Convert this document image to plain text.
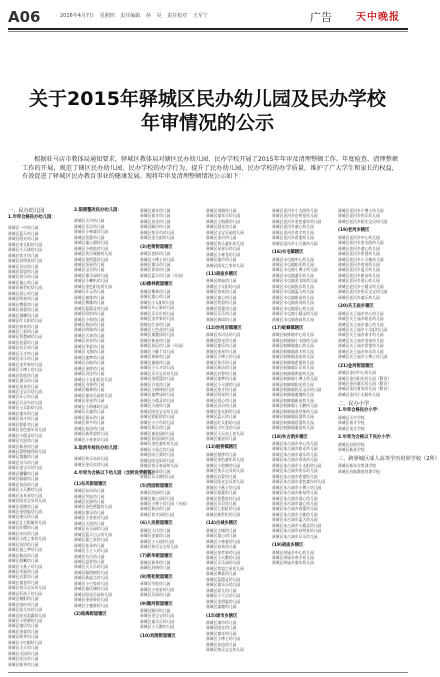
A06	2016年4月7日 星期四 责任编辑 孙 昊 责任校对 王军宁	广告 天中晚报
关于2015年驿城区民办幼儿园及民办学校
年审情况的公示
根据驻马店市教体局通知要求，驿城区教体局对辖区民办幼儿园、民办学校开展了2015年年审及清理整顿工作。年度检查、清理整顿工作的开展，规范了辖区民办幼儿园、民办学校的办学行为，提升了民办幼儿园、民办学校的办学质量，维护了广大学生和家长的权益，有效促进了驿城区民办教育事业的健康发展。现将年审及清理整顿情况公示如下：
一、民办幼儿园
1.年审合格民办幼儿园：
驿城区一中幼儿园
驿城区蓝天幼儿园
驿城区阳光幼儿园
驿城区金太阳幼儿园
驿城区小天使幼儿园
驿城区育才幼儿园
驿城区启明星幼儿园
驿城区贝贝幼儿园
驿城区希望幼儿园
驿城区快乐幼儿园
驿城区童心幼儿园
驿城区新世纪幼儿园
驿城区爱心幼儿园
驿城区明星幼儿园
驿城区博爱幼儿园
驿城区春蕾幼儿园
驿城区雏鹰幼儿园
驿城区红太阳幼儿园
驿城区育英幼儿园
驿城区七彩幼儿园
驿城区智慧树幼儿园
驿城区花蕾幼儿园
驿城区东方幼儿园
驿城区天才幼儿园
驿城区乐乐幼儿园
驿城区金苹果幼儿园
驿城区小博士幼儿园
驿城区欣欣幼儿园
驿城区童乐幼儿园
驿城区星星幼儿园
驿城区宝宝乐幼儿园
驿城区开心幼儿园
驿城区百灵鸟幼儿园
驿城区小太阳幼儿园
驿城区童年幼儿园
驿城区英才幼儿园
驿城区彩虹幼儿园
驿城区金色童年幼儿园
驿城区小精灵幼儿园
驿城区实验幼儿园
驿城区新星幼儿园
驿城区蒙特梭利幼儿园
驿城区童趣幼儿园
驿城区贝乐幼儿园
驿城区金宝贝幼儿园
驿城区馨馨幼儿园
驿城区聪聪幼儿园
驿城区苗苗幼儿园
驿城区小天鹅幼儿园
驿城区未来星幼儿园
驿城区阳光宝贝幼儿园
驿城区爱德幼儿园
驿城区金钥匙幼儿园
驿城区康乐幼儿园
驿城区北大附属幼儿园
驿城区红缨幼儿园
驿城区东风幼儿园
驿城区天使之家幼儿园
驿城区双语幼儿园
驿城区童之梦幼儿园
驿城区新苗幼儿园
驿城区晨曦幼儿园
驿城区小燕子幼儿园
驿城区幸福幼儿园
驿城区启蒙幼儿园
驿城区童星幼儿园
驿城区快乐宝贝幼儿园
驿城区好孩子幼儿园
驿城区朝阳幼儿园
驿城区绿叶幼儿园
驿城区爱儿坊幼儿园
驿城区阳光雨露幼儿园
驿城区小哈佛幼儿园
驿城区童话幼儿园
驿城区金童幼儿园
驿城区萌芽幼儿园
驿城区小红帽幼儿园
驿城区天天幼儿园
驿城区乐园幼儿园
驿城区宏达幼儿园
驿城区新华幼儿园
2.限期整改民办幼儿园：
驿城区天中幼儿园
驿城区乐贝幼儿园
驿城区小神童幼儿园
驿城区蓓蕾幼儿园
驿城区童心圆幼儿园
驿城区小树苗幼儿园
驿城区快乐城堡幼儿园
驿城区金摇篮幼儿园
驿城区恒星幼儿园
驿城区宝贝幼儿园
驿城区童乐园幼儿园
驿城区小喇叭幼儿园
驿城区金色阳光幼儿园
驿城区开元幼儿园
驿城区童欣幼儿园
驿城区博雅幼儿园
驿城区蓝精灵幼儿园
驿城区哈哈幼儿园
驿城区小荷幼儿园
驿城区春苗幼儿园
驿城区明珠幼儿园
驿城区天真幼儿园
驿城区亲亲幼儿园
驿城区华夏幼儿园
驿城区飞翔幼儿园
驿城区童梦幼儿园
驿城区启航幼儿园
驿城区金桥幼儿园
驿城区贝佳幼儿园
驿城区小太阳花幼儿园
驿城区书香幼儿园
驿城区翰林幼儿园
驿城区童年乐园幼儿园
驿城区金星幼儿园
驿城区小海豚幼儿园
驿城区乐童幼儿园
驿城区嘉禾幼儿园
驿城区和平幼儿园
驿城区育苗幼儿园
驿城区新希望幼儿园
驿城区小星星幼儿园
3.取消年检民办幼儿园：
驿城区快乐岛幼儿园
驿城区金贝贝幼儿园
4.年审为合格以下幼儿园（含附设学前班）：
(1)东风街道辖区
驿城区东风幼儿园
驿城区雪松幼儿园
驿城区宏源幼儿园
驿城区金色摇篮幼儿园
驿城区童乐幼儿园
驿城区小金星幼儿园
驿城区天资幼儿园
驿城区乐乐园幼儿园
驿城区蓝天白云幼儿园
驿城区童之星幼儿园
驿城区花朵幼儿园
驿城区小主人幼儿园
驿城区巧巧幼儿园
驿城区益智幼儿园
驿城区天天乐幼儿园
驿城区聪明树幼儿园
驿城区新起点幼儿园
驿城区小白兔幼儿园
驿城区童话城幼儿园
驿城区阳光乐园幼儿园
驿城区金果果幼儿园
驿城区小蜜蜂幼儿园
(2)南海街道辖区
驿城区童年幼儿园
驿城区育才幼儿园
驿城区星光幼儿园
驿城区顺河幼儿园
驿城区快乐鸟幼儿园
驿城区金太阳幼儿园
(3)老街街道辖区
驿城区老街幼儿园
驿城区小博士幼儿园
驿城区童乐幼儿园
驿城区育英幼儿园
驿城区蓝天幼儿园（分园）
(4)橡林街道辖区
驿城区橡林幼儿园
驿城区童心幼儿园
驿城区小太阳幼儿园
驿城区开心果幼儿园
驿城区乐贝尔幼儿园
驿城区金苹果幼儿园
驿城区红星幼儿园
驿城区七色花幼儿园
驿城区童趣园幼儿园
驿城区新星幼儿园
驿城区星辰幼儿园（分园）
驿城区小脚丫幼儿园
驿城区春晖幼儿园
驿城区童画幼儿园
驿城区小天才幼儿园
驿城区乐乐宝贝幼儿园
驿城区金摇篮幼儿园
驿城区百花幼儿园
驿城区小树林幼儿园
驿城区童梦园幼儿园
驿城区小精灵幼儿园
驿城区天使幼儿园
驿城区阳光宝宝幼儿园
驿城区彩虹桥幼儿园
驿城区小小鸟幼儿园
驿城区欢乐幼儿园
驿城区童星园幼儿园
驿城区育苗园幼儿园
驿城区金色童年幼儿园
驿城区小雨点幼儿园
驿城区向日葵幼儿园
驿城区阳光雨幼儿园
驿城区快乐家园幼儿园
驿城区乖乖幼儿园
驿城区乐乐熊幼儿园
(5)西园街道辖区
驿城区西园幼儿园
驿城区童心园幼儿园
驿城区小博士幼儿园（分园）
驿城区新苗幼儿园
驿城区育才园幼儿园
(6)人民街道辖区
驿城区人民幼儿园
驿城区金童幼儿园
驿城区小天使幼儿园
驿城区快乐宝宝幼儿园
(7)新华街道辖区
驿城区新华幼儿园
驿城区启明幼儿园
(8)雪松街道辖区
驿城区雪松幼儿园
驿城区小星星幼儿园
驿城区乐园幼儿园
(9)顺河街道辖区
驿城区顺河幼儿园
驿城区金宝宝幼儿园
驿城区童乐乐幼儿园
驿城区小天鹅幼儿园
(10)刘阁街道辖区
驿城区刘阁幼儿园
驿城区童年乐幼儿园
驿城区小海燕幼儿园
驿城区晨光幼儿园
驿城区宝宝乐园幼儿园
驿城区金贝幼儿园
驿城区快乐童年幼儿园
驿城区星星乐幼儿园
驿城区小神龙幼儿园
驿城区童声幼儿园
驿城区阳光之家幼儿园
(11)胡庙乡辖区
驿城区胡庙幼儿园
驿城区小太阳幼儿园
驿城区育英幼儿园
驿城区童心幼儿园
驿城区希望幼儿园
驿城区蓓蕾幼儿园
驿城区乐乐幼儿园
驿城区春雨幼儿园
(12)沙河店镇辖区
驿城区沙河店幼儿园
驿城区阳光幼儿园
驿城区童乐幼儿园
驿城区金星幼儿园
驿城区小博士幼儿园
驿城区快乐幼儿园
驿城区新苗幼儿园
驿城区启智幼儿园
驿城区童梦幼儿园
驿城区小天使幼儿园
驿城区育才幼儿园
驿城区明星幼儿园
驿城区爱心幼儿园
驿城区贝贝幼儿园
驿城区金太阳幼儿园
驿城区蓝天幼儿园
驿城区红太阳幼儿园
驿城区小红花幼儿园
驿城区天天向上幼儿园
驿城区童星幼儿园
(13)板桥镇辖区
驿城区板桥幼儿园
驿城区金色童年幼儿园
驿城区小哈佛幼儿园
驿城区快乐宝贝幼儿园
驿城区启蒙幼儿园
驿城区阳光宝贝幼儿园
驿城区小燕子幼儿园
驿城区春蕾幼儿园
驿城区智慧星幼儿园
驿城区乐贝幼儿园
驿城区七彩虹幼儿园
驿城区新世纪幼儿园
(14)古城乡辖区
驿城区古城幼儿园
驿城区童心幼儿园
驿城区小神童幼儿园
驿城区育英幼儿园
驿城区金苹果幼儿园
驿城区小天鹅幼儿园
驿城区乐乐园幼儿园
驿城区希望之星幼儿园
驿城区博爱幼儿园
驿城区蓝精灵幼儿园
驿城区童乐乐幼儿园
驿城区爱儿幼儿园
驿城区小不点幼儿园
驿城区金钥匙幼儿园
驿城区童趣幼儿园
(15)诸市乡辖区
驿城区诸市幼儿园
驿城区阳光幼儿园
驿城区童年幼儿园
驿城区小博士幼儿园
驿城区育苗幼儿园
驿城区快乐宝宝幼儿园
驿城区老河乡小太阳幼儿园
驿城区老河乡启明星幼儿园
驿城区老河乡金色童年幼儿园
驿城区老河乡童心幼儿园
驿城区老河乡育才幼儿园
驿城区老河乡希望幼儿园
驿城区老河乡小天使幼儿园
(16)水屯镇辖区
驿城区水屯镇中心幼儿园
驿城区水屯镇阳光幼儿园
驿城区水屯镇小博士幼儿园
驿城区水屯镇童乐幼儿园
驿城区水屯镇金太阳幼儿园
驿城区水屯镇快乐幼儿园
驿城区水屯镇蓝天幼儿园
驿城区水屯镇新星幼儿园
驿城区水屯镇育英幼儿园
驿城区水屯镇爱心幼儿园
驿城区水屯镇小精灵幼儿园
驿城区水屯镇春苗幼儿园
(17)蚁蜂镇辖区
驿城区蚁蜂镇中心幼儿园
驿城区蚁蜂镇小太阳幼儿园
驿城区蚁蜂镇童心幼儿园
驿城区蚁蜂镇育才幼儿园
驿城区蚁蜂镇金星幼儿园
驿城区蚁蜂镇希望幼儿园
驿城区蚁蜂镇乐乐幼儿园
驿城区蚁蜂镇明星幼儿园
驿城区蚁蜂镇小博士幼儿园
驿城区蚁蜂镇阳光幼儿园
驿城区蚁蜂镇快乐宝贝幼儿园
驿城区蚁蜂镇童趣幼儿园
驿城区蚁蜂镇新苗幼儿园
驿城区蚁蜂镇小天鹅幼儿园
驿城区蚁蜂镇金苹果幼儿园
驿城区蚁蜂镇启蒙幼儿园
驿城区蚁蜂镇蓓蕾幼儿园
驿城区蚁蜂镇童星幼儿园
(18)朱古洞乡辖区
驿城区朱古洞乡中心幼儿园
驿城区朱古洞乡阳光幼儿园
驿城区朱古洞乡童乐幼儿园
驿城区朱古洞乡育英幼儿园
驿城区朱古洞乡小太阳幼儿园
驿城区朱古洞乡快乐幼儿园
驿城区朱古洞乡希望幼儿园
驿城区朱古洞乡金色童年幼儿园
驿城区朱古洞乡小博士幼儿园
驿城区朱古洞乡新星幼儿园
驿城区朱古洞乡爱心幼儿园
驿城区朱古洞乡童心幼儿园
驿城区朱古洞乡春蕾幼儿园
驿城区朱古洞乡天使幼儿园
驿城区朱古洞乡蓝天幼儿园
驿城区朱古洞乡小精灵幼儿园
驿城区朱古洞乡启明星幼儿园
驿城区朱古洞乡乐乐幼儿园
(19)胡庙乡辖区
驿城区胡庙乡中心幼儿园
驿城区胡庙乡育才幼儿园
驿城区胡庙乡童年幼儿园
驿城区老河乡小博士幼儿园
驿城区老河乡快乐幼儿园
驿城区老河乡阳光宝贝幼儿园
(19)老河乡辖区
驿城区老河乡中心幼儿园
驿城区老河乡金太阳幼儿园
驿城区老河乡童心幼儿园
驿城区老河乡希望幼儿园
驿城区老河乡小天使幼儿园
驿城区老河乡育英幼儿园
驿城区老河乡蓝天幼儿园
驿城区老河乡新苗幼儿园
驿城区老河乡爱心幼儿园
驿城区老河乡小精灵幼儿园
驿城区老河乡快乐宝宝幼儿园
驿城区老河乡童乐幼儿园
(20)关王庙乡辖区
驿城区关王庙乡中心幼儿园
驿城区关王庙乡阳光幼儿园
驿城区关王庙乡童心幼儿园
驿城区关王庙乡小太阳幼儿园
驿城区关王庙乡育才幼儿园
驿城区关王庙乡金星幼儿园
驿城区关王庙乡希望幼儿园
驿城区关王庙乡快乐幼儿园
驿城区关王庙乡小博士幼儿园
(21)金河街道辖区
驿城区金河中心幼儿园
驿城区金河阳光幼儿园（附设）
驿城区金河童乐幼儿园（附设）
驿城区金河育英幼儿园（附设）
驿城区金河小太阳幼儿园
二、民办小学
1.年审合格民办小学：
驿城区天中学校
驿城区育才学校
驿城区英才学校
2.年审为合格以下民办小学：
驿城区启明学校
驿城区新星学校
三、跨驿城区成人高等学历培训学校（2所）
驿城区新东方培训学校
驿城区启航教育培训学校
